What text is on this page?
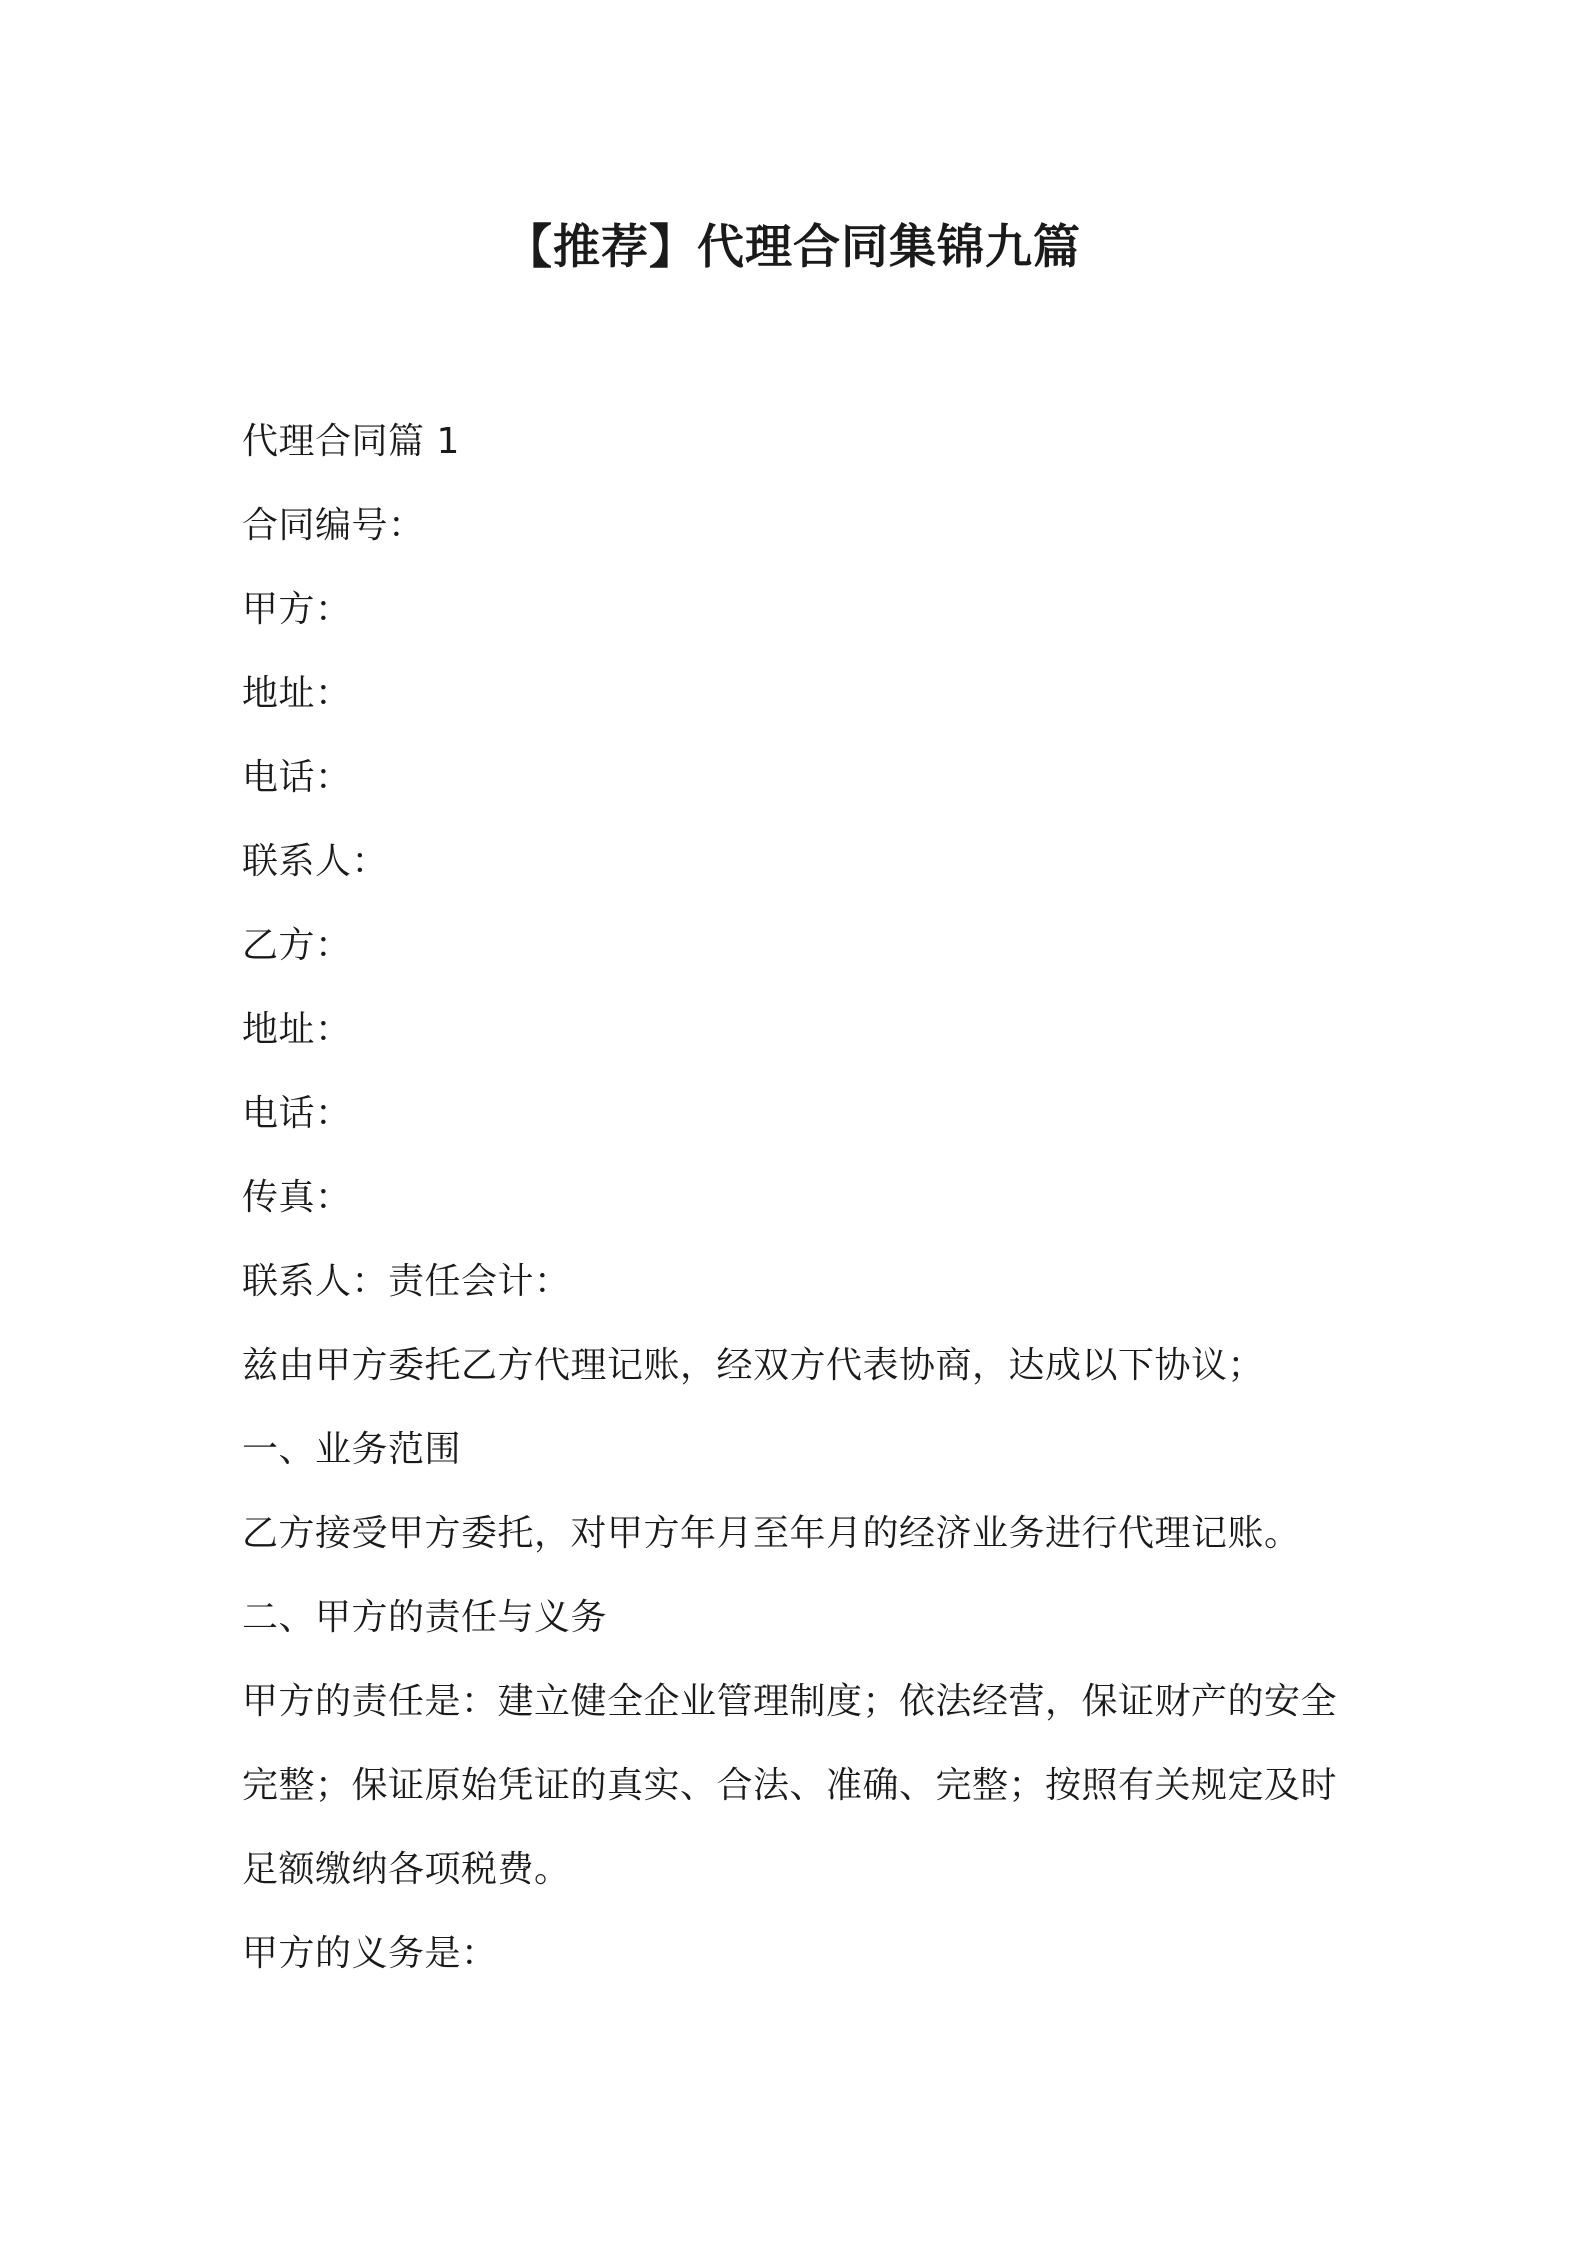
【推荐】代理合同集锦九篇
代理合同篇 1
合同编号：
甲方：
地址：
电话：
联系人：
乙方：
地址：
电话：
传真：
联系人：责任会计：
兹由甲方委托乙方代理记账，经双方代表协商，达成以下协议；
一、业务范围
乙方接受甲方委托，对甲方年月至年月的经济业务进行代理记账。
二、甲方的责任与义务
甲方的责任是：建立健全企业管理制度；依法经营，保证财产的安全
完整；保证原始凭证的真实、合法、准确、完整；按照有关规定及时
足额缴纳各项税费。
甲方的义务是：
